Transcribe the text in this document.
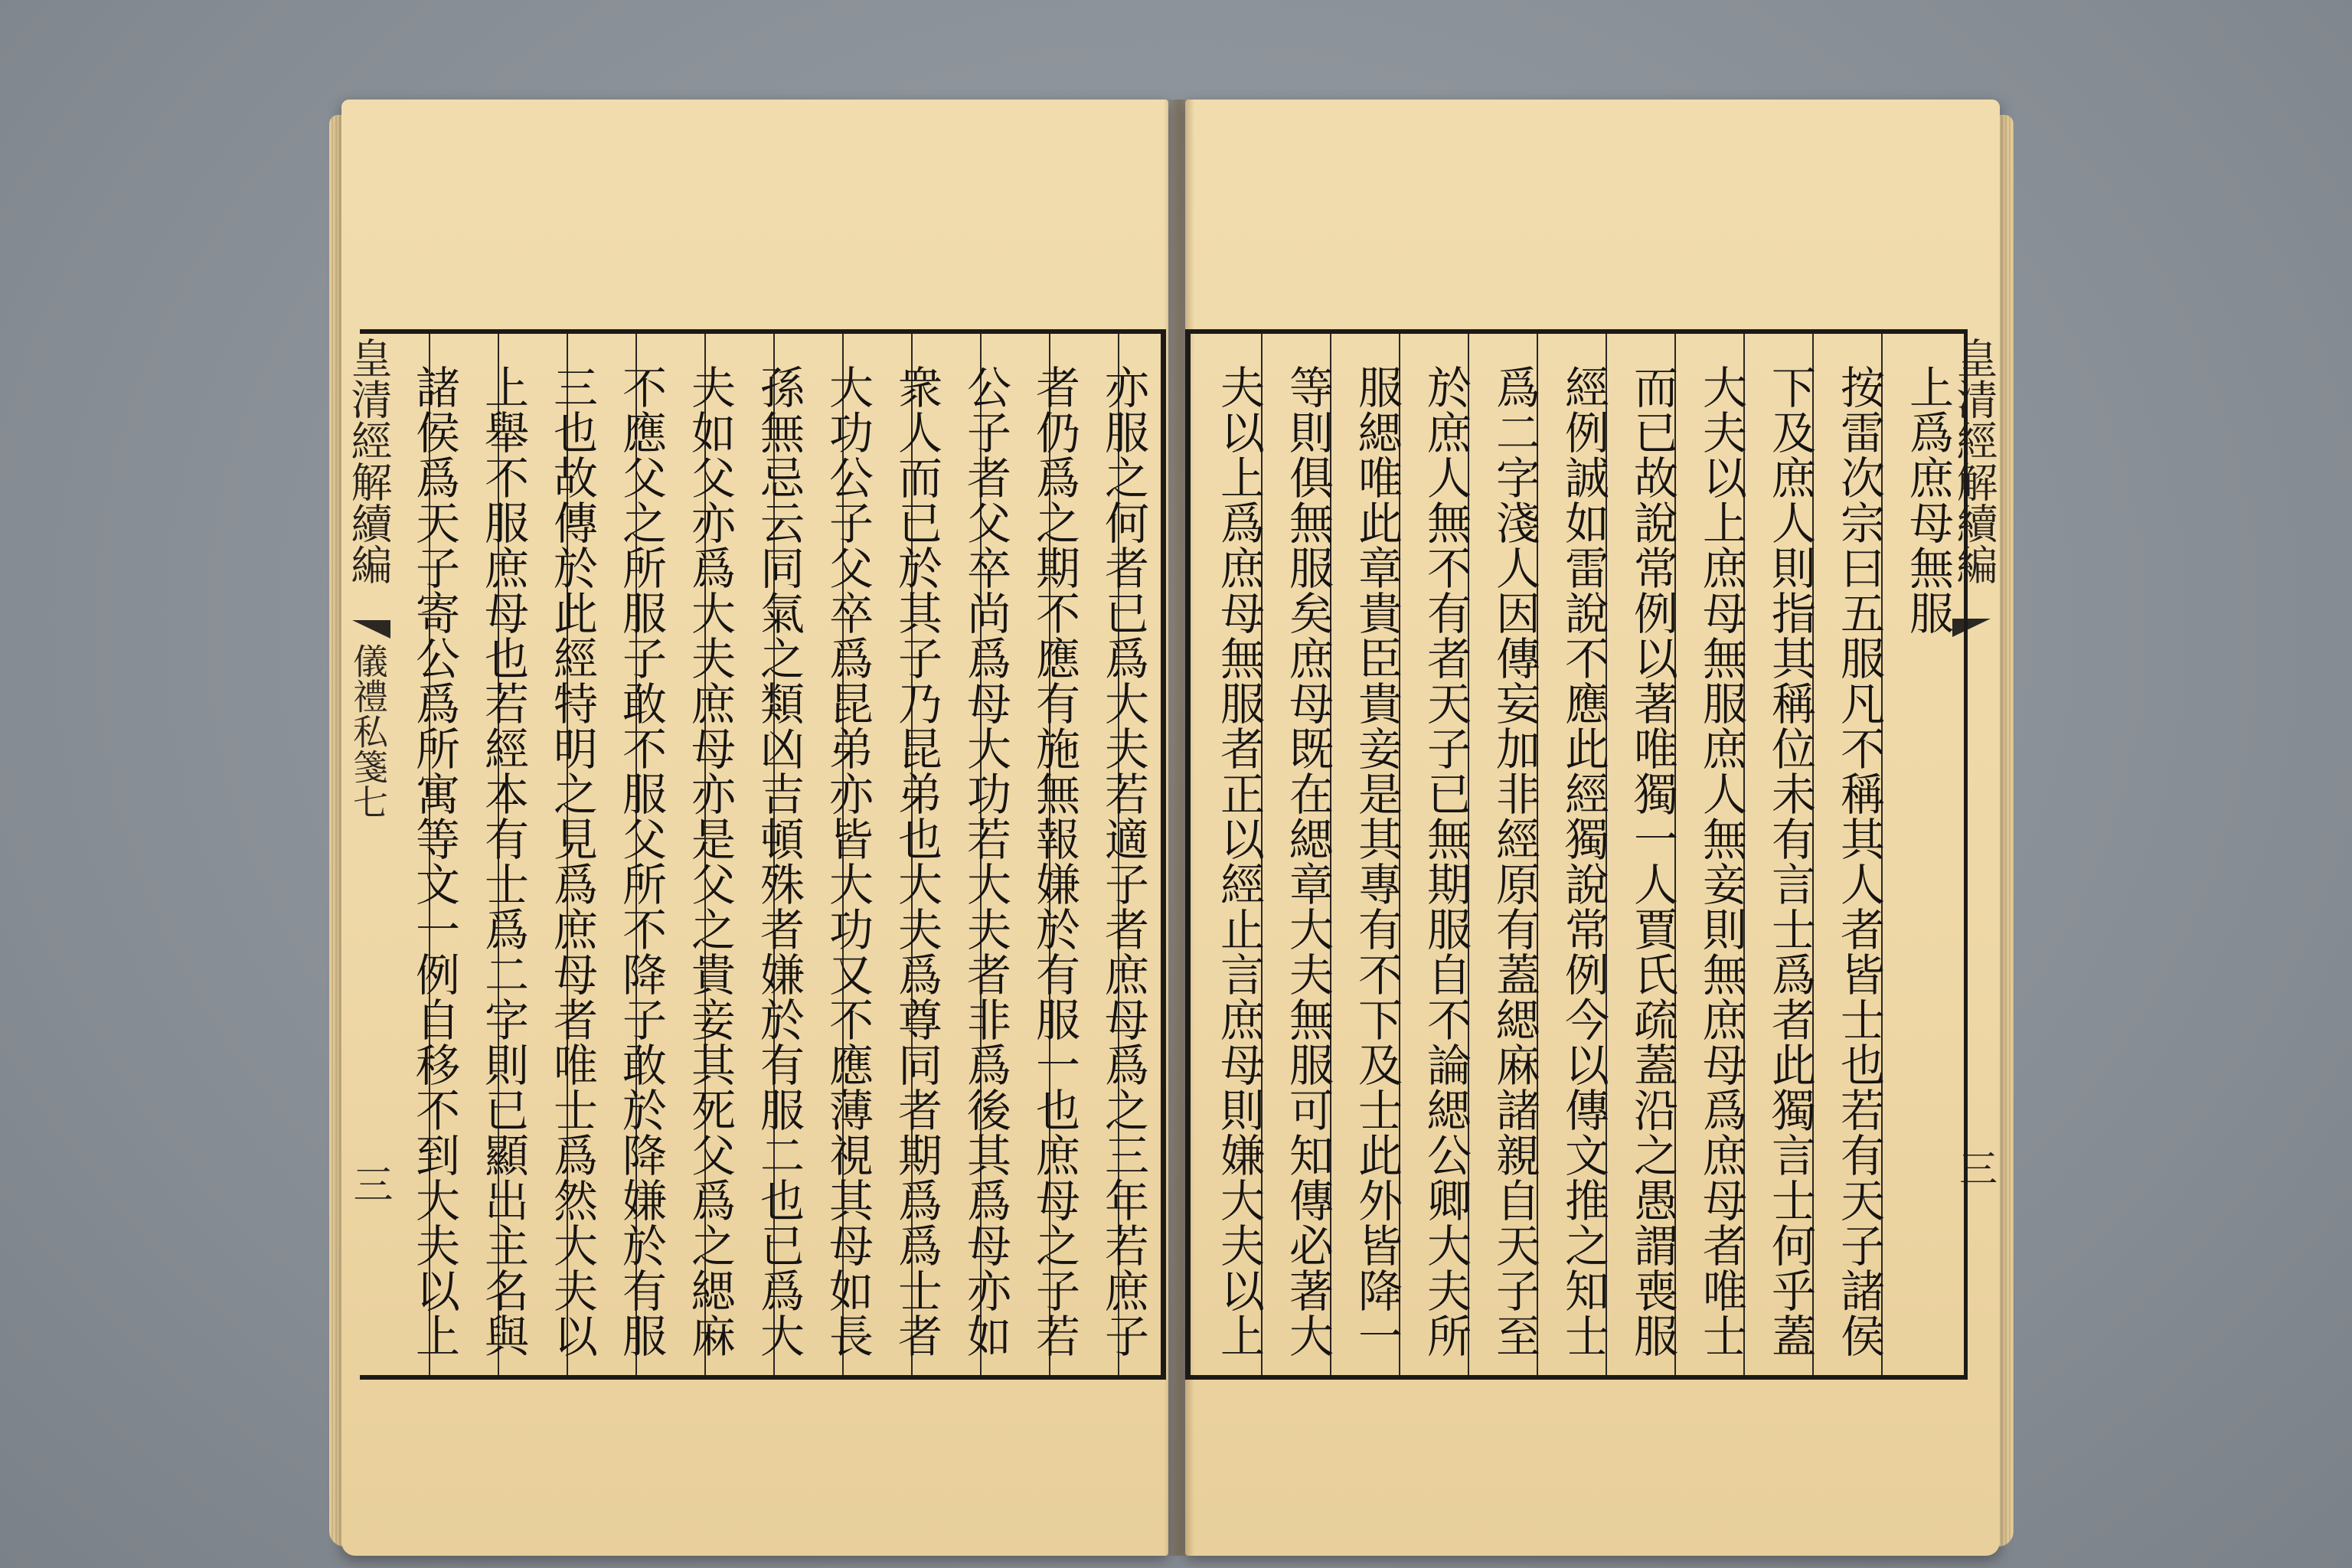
皇清經解續編
儀禮私箋七
三
皇清經解續編
三
亦服之何者已爲大夫若適子者庶母爲之三年若庶子
者仍爲之期不應有施無報嫌於有服一也庶母之子若
公子者父卒尚爲母大功若大夫者非爲後其爲母亦如
衆人而已於其子乃昆弟也大夫爲尊同者期爲爲士者
大功公子父卒爲昆弟亦皆大功又不應薄視其母如長
孫無忌云同氣之類凶吉頓殊者嫌於有服二也已爲大
夫如父亦爲大夫庶母亦是父之貴妾其死父爲之緦麻
不應父之所服子敢不服父所不降子敢於降嫌於有服
三也故傳於此經特明之見爲庶母者唯士爲然大夫以
上舉不服庶母也若經本有士爲二字則已顯出主名與
諸侯爲天子寄公爲所寓等文一例自移不到大夫以上	上爲庶母無服
按雷次宗曰五服凡不稱其人者皆士也若有天子諸侯
下及庶人則指其稱位未有言士爲者此獨言士何乎蓋
大夫以上庶母無服庶人無妾則無庶母爲庶母者唯士
而已故說常例以著唯獨一人賈氏疏蓋沿之愚謂喪服
經例誠如雷說不應此經獨說常例今以傳文推之知士
爲二字淺人因傳妄加非經原有蓋緦麻諸親自天子至
於庶人無不有者天子已無期服自不論緦公卿大夫所
服緦唯此章貴臣貴妾是其專有不下及士此外皆降一
等則俱無服矣庶母既在緦章大夫無服可知傳必著大
夫以上爲庶母無服者正以經止言庶母則嫌大夫以上
